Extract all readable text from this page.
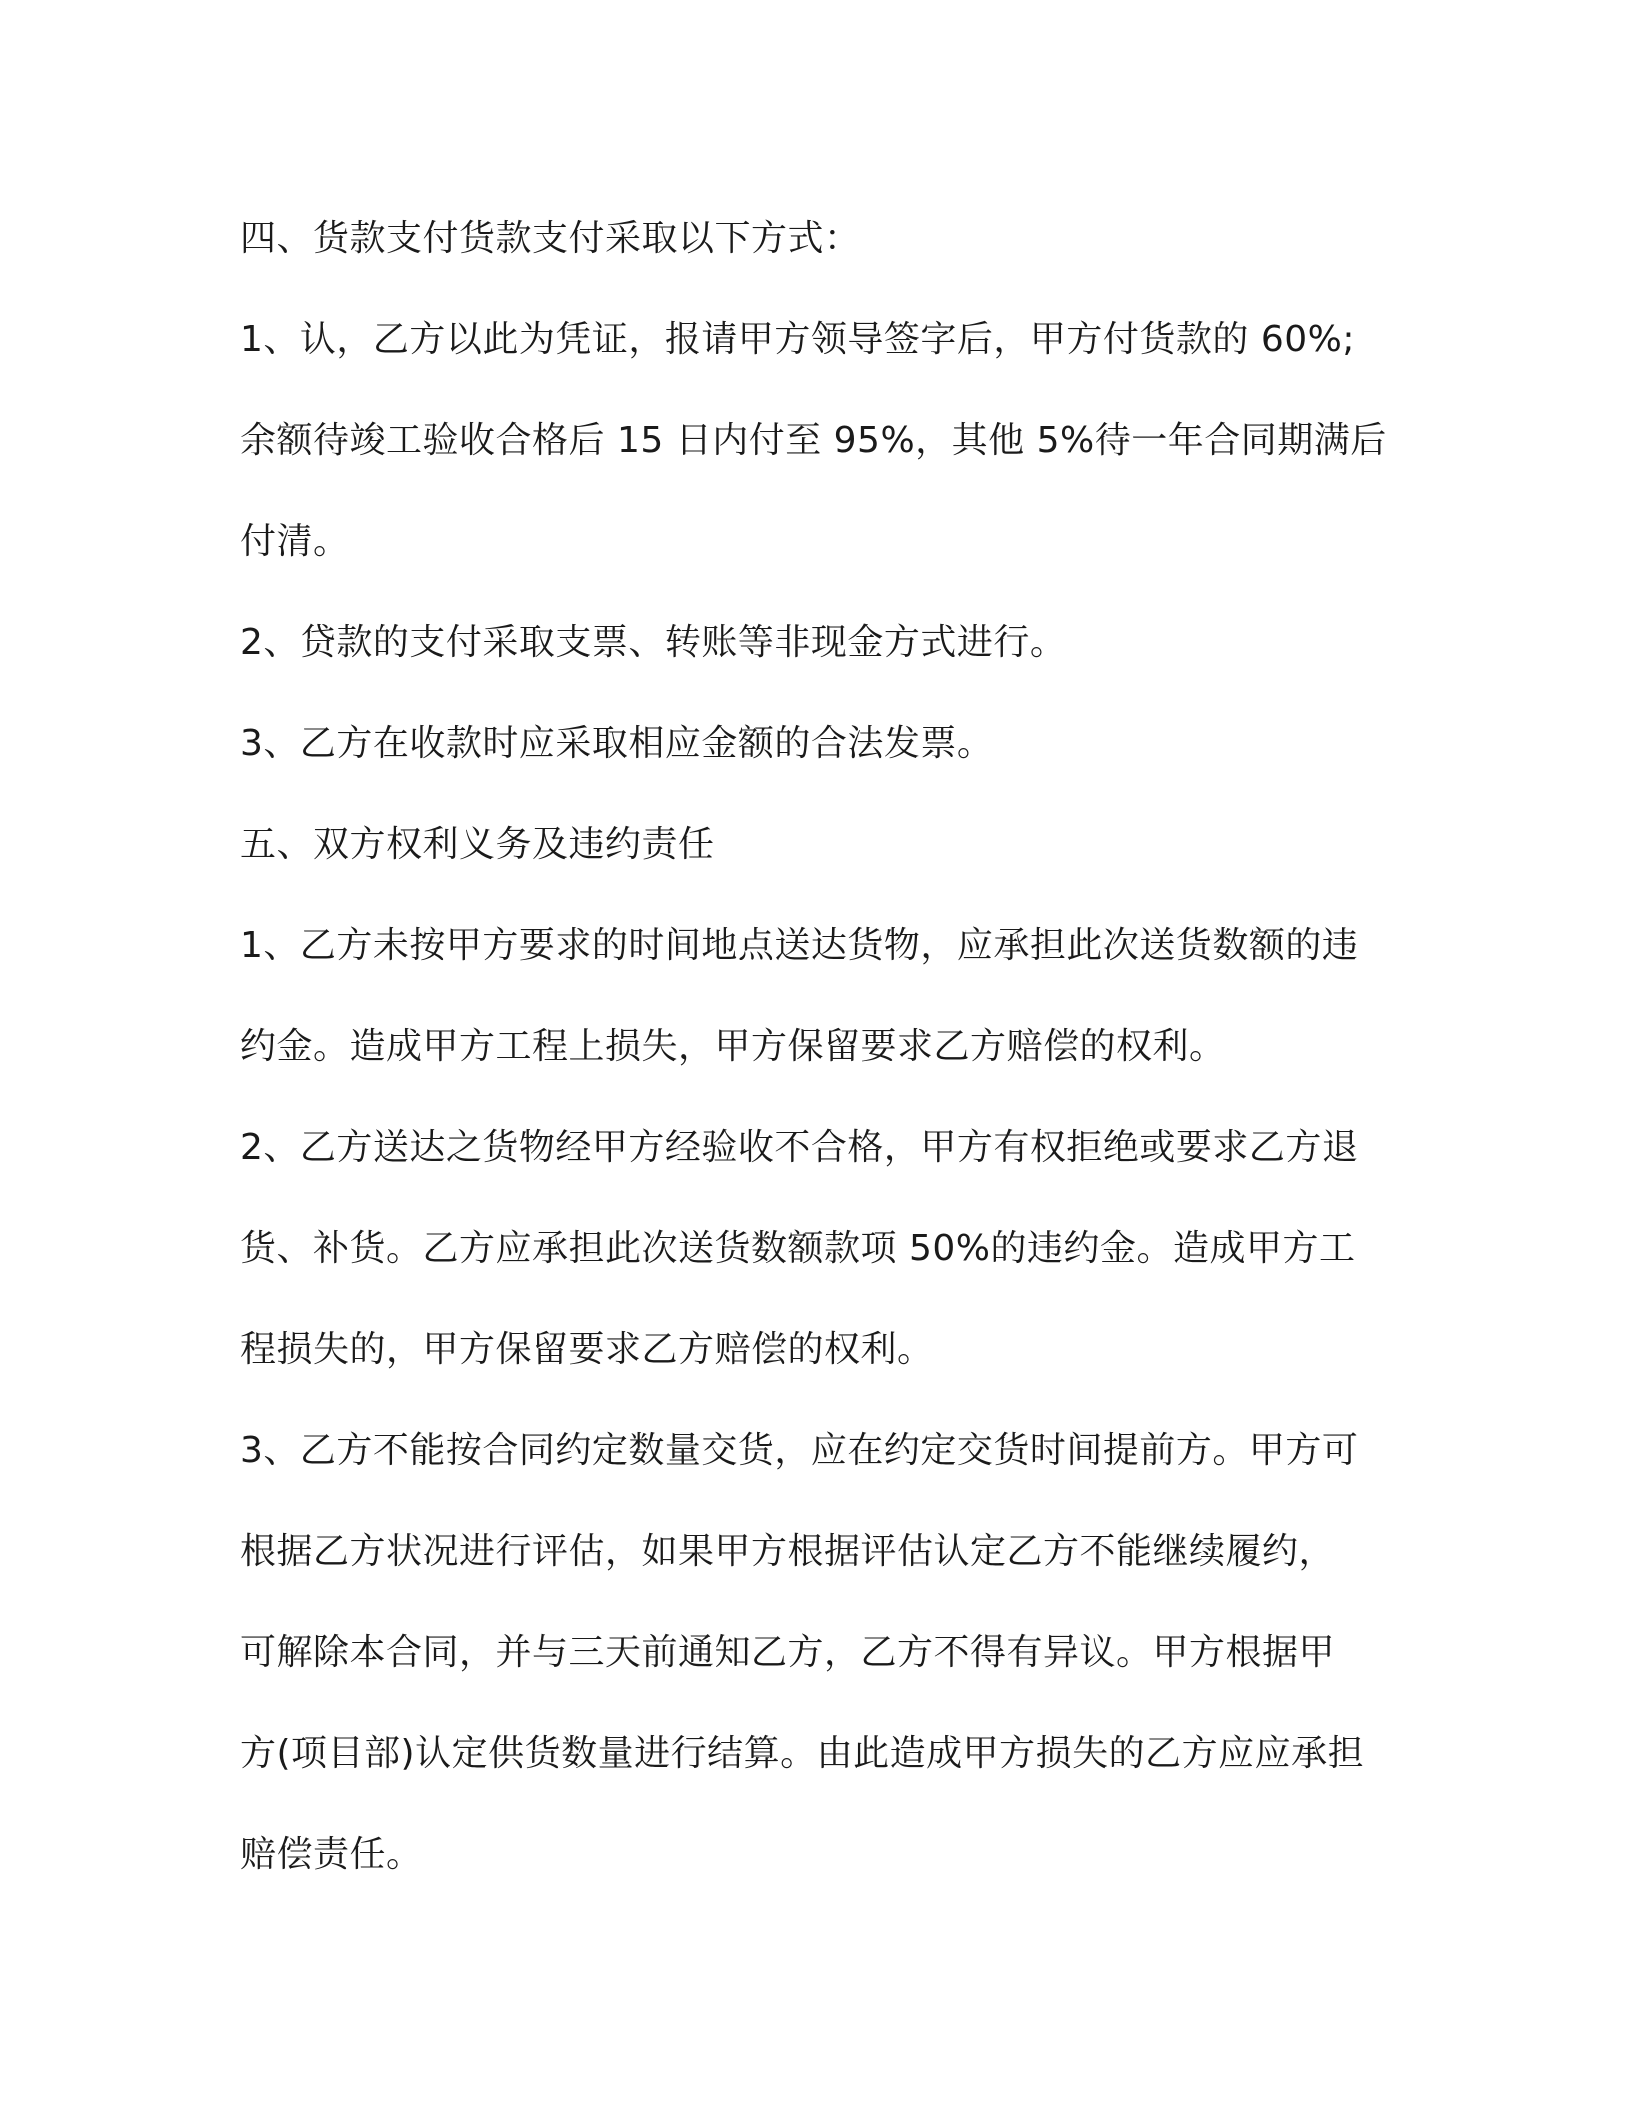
四、货款支付货款支付采取以下方式：

1、认，乙方以此为凭证，报请甲方领导签字后，甲方付货款的 60%;

余额待竣工验收合格后 15 日内付至 95%，其他 5%待一年合同期满后

付清。

2、贷款的支付采取支票、转账等非现金方式进行。

3、乙方在收款时应采取相应金额的合法发票。

五、双方权利义务及违约责任

1、乙方未按甲方要求的时间地点送达货物，应承担此次送货数额的违

约金。造成甲方工程上损失，甲方保留要求乙方赔偿的权利。

2、乙方送达之货物经甲方经验收不合格，甲方有权拒绝或要求乙方退

货、补货。乙方应承担此次送货数额款项 50%的违约金。造成甲方工

程损失的，甲方保留要求乙方赔偿的权利。

3、乙方不能按合同约定数量交货，应在约定交货时间提前方。甲方可

根据乙方状况进行评估，如果甲方根据评估认定乙方不能继续履约，

可解除本合同，并与三天前通知乙方，乙方不得有异议。甲方根据甲

方(项目部)认定供货数量进行结算。由此造成甲方损失的乙方应应承担

赔偿责任。
